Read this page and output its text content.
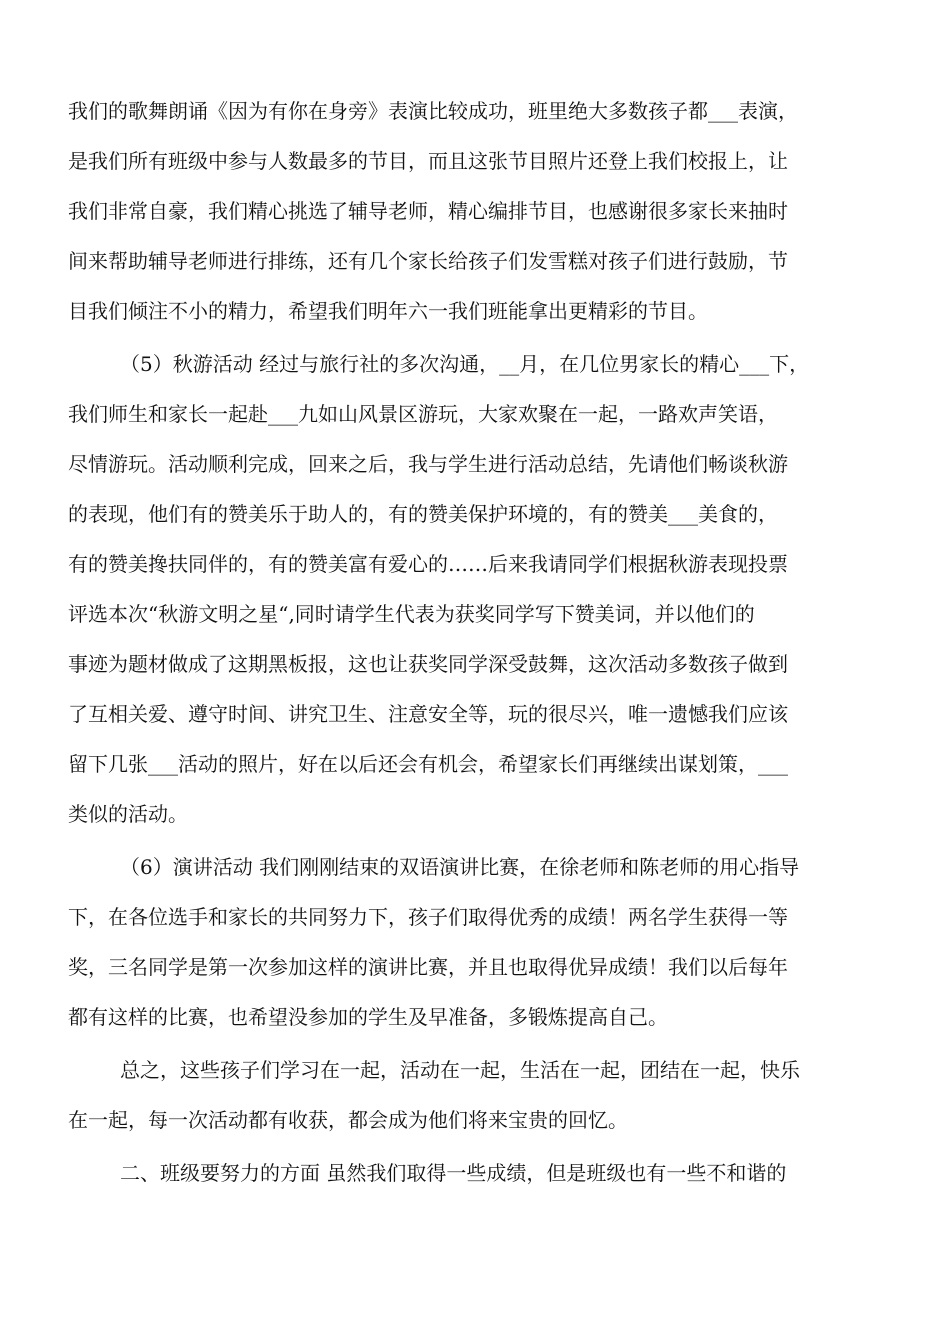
我们的歌舞朗诵《因为有你在身旁》表演比较成功，班里绝大多数孩子都___表演，
是我们所有班级中参与人数最多的节目，而且这张节目照片还登上我们校报上，让
我们非常自豪，我们精心挑选了辅导老师，精心编排节目，也感谢很多家长来抽时
间来帮助辅导老师进行排练，还有几个家长给孩子们发雪糕对孩子们进行鼓励，节
目我们倾注不小的精力，希望我们明年六一我们班能拿出更精彩的节目。
（5）秋游活动 经过与旅行社的多次沟通，__月，在几位男家长的精心___下，
我们师生和家长一起赴___九如山风景区游玩，大家欢聚在一起，一路欢声笑语，
尽情游玩。活动顺利完成，回来之后，我与学生进行活动总结，先请他们畅谈秋游
的表现，他们有的赞美乐于助人的，有的赞美保护环境的，有的赞美___美食的，
有的赞美搀扶同伴的，有的赞美富有爱心的……后来我请同学们根据秋游表现投票
评选本次“秋游文明之星“,同时请学生代表为获奖同学写下赞美词，并以他们的
事迹为题材做成了这期黑板报，这也让获奖同学深受鼓舞，这次活动多数孩子做到
了互相关爱、遵守时间、讲究卫生、注意安全等，玩的很尽兴，唯一遗憾我们应该
留下几张___活动的照片，好在以后还会有机会，希望家长们再继续出谋划策，___
类似的活动。
（6）演讲活动 我们刚刚结束的双语演讲比赛，在徐老师和陈老师的用心指导
下，在各位选手和家长的共同努力下，孩子们取得优秀的成绩！两名学生获得一等
奖，三名同学是第一次参加这样的演讲比赛，并且也取得优异成绩！我们以后每年
都有这样的比赛，也希望没参加的学生及早准备，多锻炼提高自己。
总之，这些孩子们学习在一起，活动在一起，生活在一起，团结在一起，快乐
在一起，每一次活动都有收获，都会成为他们将来宝贵的回忆。
二、班级要努力的方面 虽然我们取得一些成绩，但是班级也有一些不和谐的
